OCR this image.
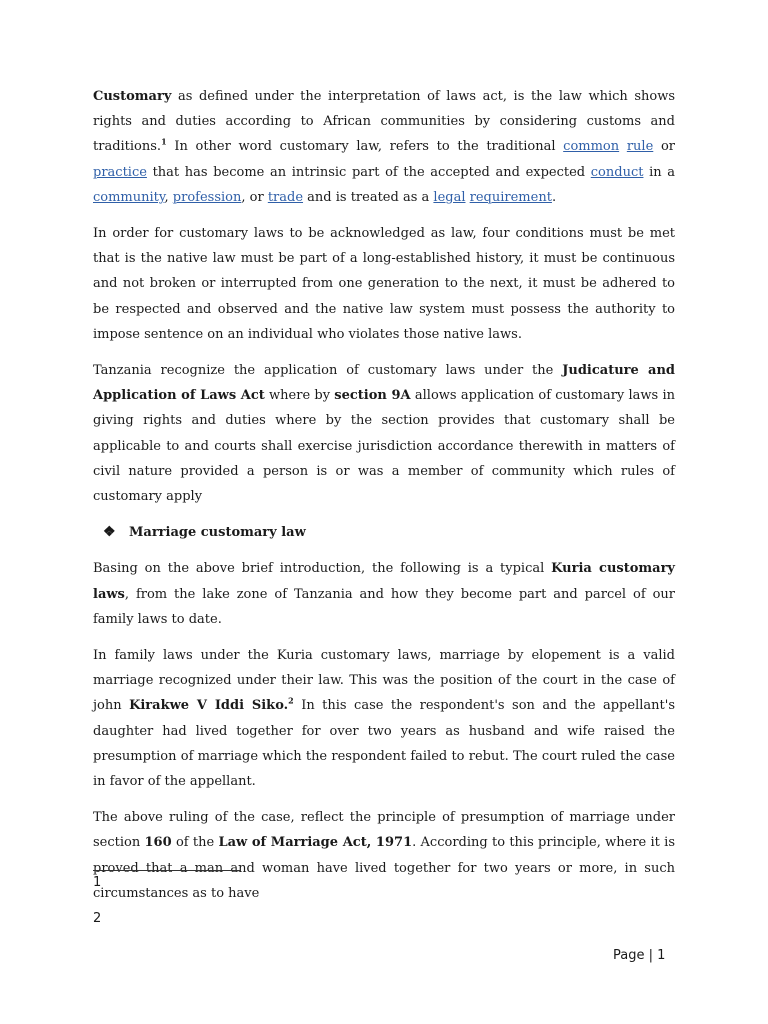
Customary as defined under the interpretation of laws act, is the law which shows rights and duties according to African communities by considering customs and traditions.$^1$ In other word customary law, refers to the traditional common rule or practice that has become an intrinsic part of the accepted and expected conduct in a community, profession, or trade and is treated as a legal requirement.

In order for customary laws to be acknowledged as law, four conditions must be met that is the native law must be part of a long-established history, it must be continuous and not broken or interrupted from one generation to the next, it must be adhered to be respected and observed and the native law system must possess the authority to impose sentence on an individual who violates those native laws.

Tanzania recognize the application of customary laws under the Judicature and Application of Laws Act where by section 9A allows application of customary laws in giving rights and duties where by the section provides that customary shall be applicable to and courts shall exercise jurisdiction accordance therewith in matters of civil nature provided a person is or was a member of community which rules of customary apply

❖ Marriage customary law

Basing on the above brief introduction, the following is a typical Kuria customary laws, from the lake zone of Tanzania and how they become part and parcel of our family laws to date.

In family laws under the Kuria customary laws, marriage by elopement is a valid marriage recognized under their law. This was the position of the court in the case of john Kirakwe V Iddi Siko.$^2$ In this case the respondent's son and the appellant's daughter had lived together for over two years as husband and wife raised the presumption of marriage which the respondent failed to rebut. The court ruled the case in favor of the appellant.

The above ruling of the case, reflect the principle of presumption of marriage under section 160 of the Law of Marriage Act, 1971. According to this principle, where it is proved that a man and woman have lived together for two years or more, in such circumstances as to have

1
2
Page | 1
